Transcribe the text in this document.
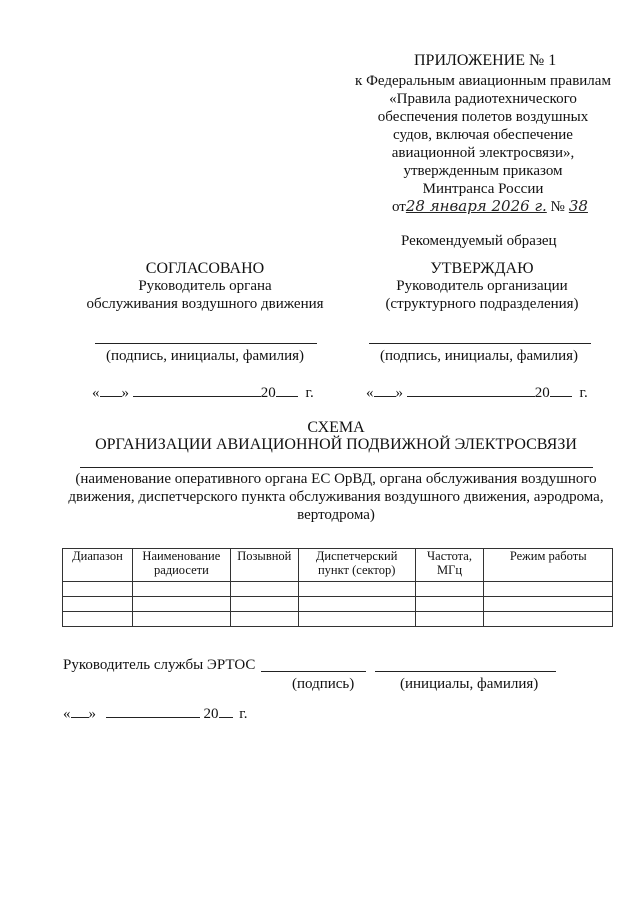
ПРИЛОЖЕНИЕ № 1
к Федеральным авиационным правилам
«Правила радиотехнического
обеспечения полетов воздушных
судов, включая обеспечение
авиационной электросвязи»,
утвержденным приказом
Минтранса России
от28 января 2026 г. № 38
Рекомендуемый образец
СОГЛАСОВАНО
Руководитель органа
обслуживания воздушного движения
(подпись, инициалы, фамилия)
« »	20 г.
УТВЕРЖДАЮ
Руководитель организации
(структурного подразделения)
(подпись, инициалы, фамилия)
« »	20 г.
СХЕМА
ОРГАНИЗАЦИИ АВИАЦИОННОЙ ПОДВИЖНОЙ ЭЛЕКТРОСВЯЗИ
(наименование оперативного органа ЕС ОрВД, органа обслуживания воздушного
движения, диспетчерского пункта обслуживания воздушного движения, аэродрома,
вертодрома)
Диапазон	Наименование радиосети	Позывной	Диспетчерский пункт (сектор)	Частота, МГц	Режим работы

Руководитель службы ЭРТОС
(подпись)	(инициалы, фамилия)
« »	20 г.
